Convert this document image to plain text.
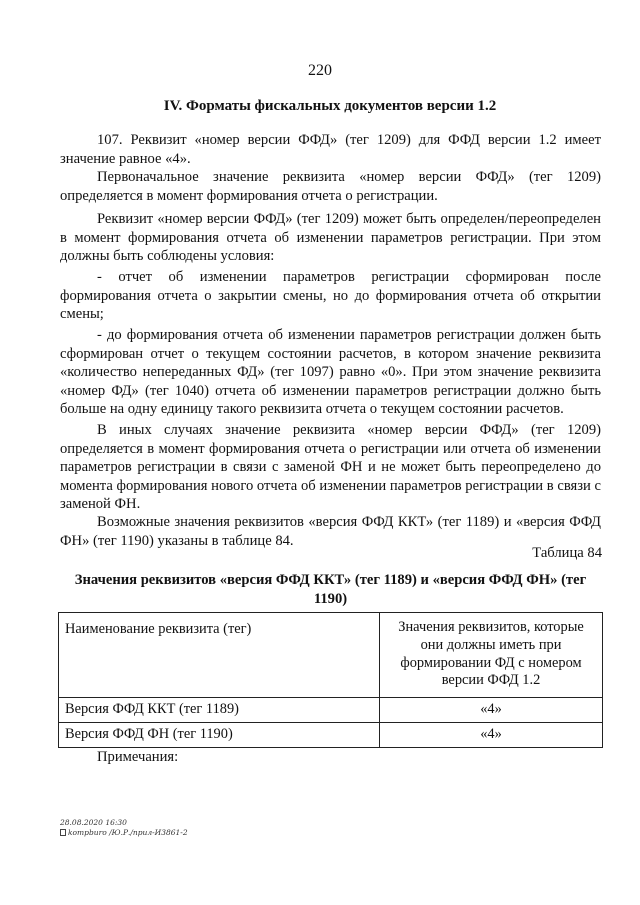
220
IV. Форматы фискальных документов версии 1.2
107. Реквизит «номер версии ФФД» (тег 1209) для ФФД версии 1.2 имеет значение равное «4».
Первоначальное значение реквизита «номер версии ФФД» (тег 1209) определяется в момент формирования отчета о регистрации.
Реквизит «номер версии ФФД» (тег 1209) может быть определен/переопределен в момент формирования отчета об изменении параметров регистрации. При этом должны быть соблюдены условия:
- отчет об изменении параметров регистрации сформирован после формирования отчета о закрытии смены, но до формирования отчета об открытии смены;
- до формирования отчета об изменении параметров регистрации должен быть сформирован отчет о текущем состоянии расчетов, в котором значение реквизита «количество непереданных ФД» (тег 1097) равно «0». При этом значение реквизита «номер ФД» (тег 1040) отчета об изменении параметров регистрации должно быть больше на одну единицу такого реквизита отчета о текущем состоянии расчетов.
В иных случаях значение реквизита «номер версии ФФД» (тег 1209) определяется в момент формирования отчета о регистрации или отчета об изменении параметров регистрации в связи с заменой ФН и не может быть переопределено до момента формирования нового отчета об изменении параметров регистрации в связи с заменой ФН.
Возможные значения реквизитов «версия ФФД ККТ» (тег 1189) и «версия ФФД ФН» (тег 1190) указаны в таблице 84.
Таблица 84
Значения реквизитов «версия ФФД ККТ» (тег 1189) и «версия ФФД ФН» (тег 1190)
Наименование реквизита (тег)	Значения реквизитов, которые они должны иметь при формировании ФД с номером версии ФФД 1.2
Версия ФФД ККТ (тег 1189)	«4»
Версия ФФД ФН (тег 1190)	«4»
Примечания:
28.08.2020 16:30
kompburo /Ю.Р./прил-И3861-2
